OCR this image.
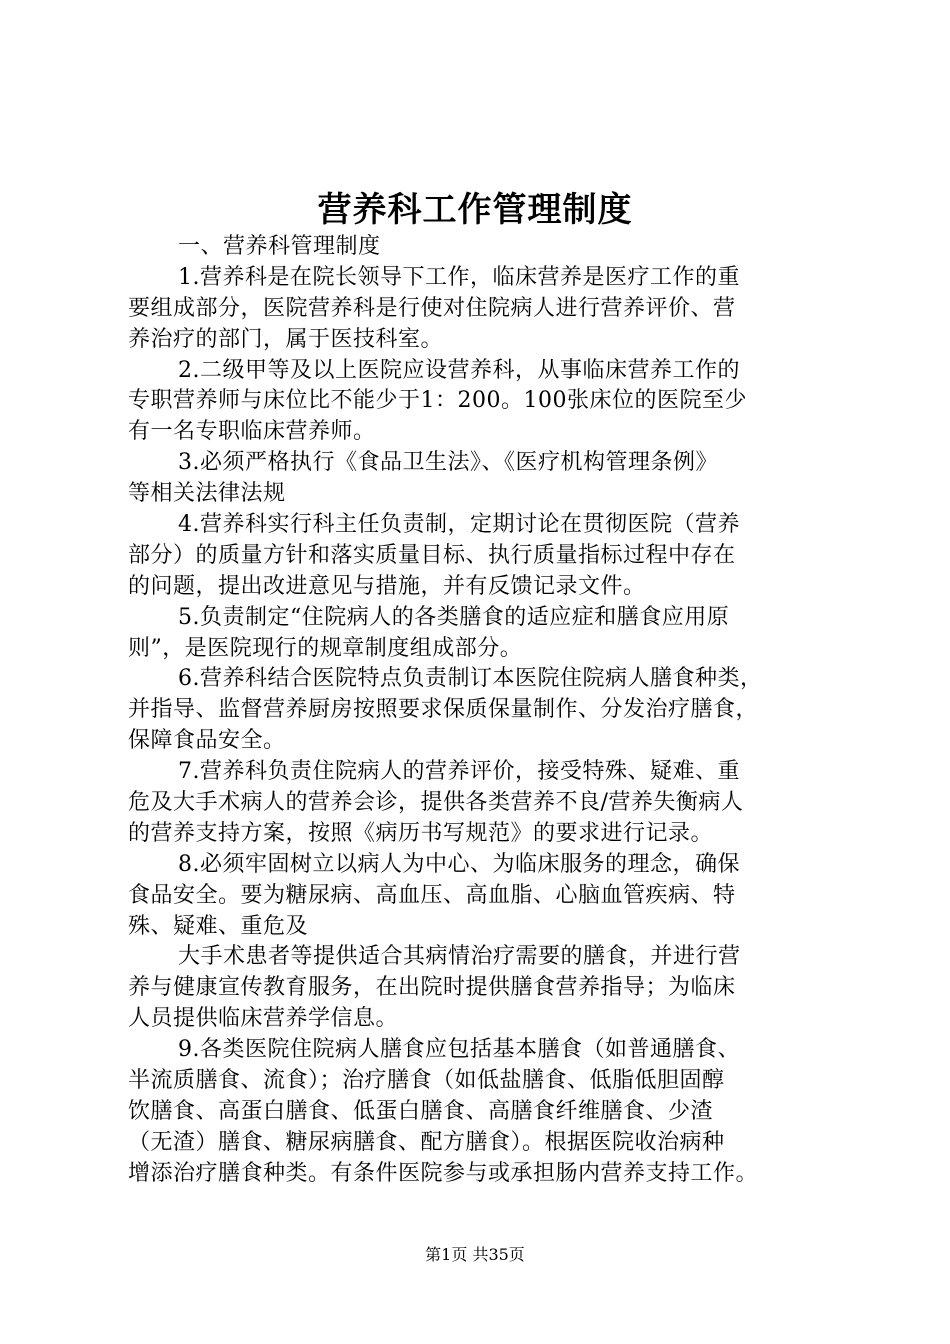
营养科工作管理制度
一、营养科管理制度
1.营养科是在院长领导下工作，临床营养是医疗工作的重
要组成部分，医院营养科是行使对住院病人进行营养评价、营
养治疗的部门，属于医技科室。
2.二级甲等及以上医院应设营养科，从事临床营养工作的
专职营养师与床位比不能少于1：200。100张床位的医院至少
有一名专职临床营养师。
3.必须严格执行《食品卫生法》、《医疗机构管理条例》
等相关法律法规
4.营养科实行科主任负责制，定期讨论在贯彻医院（营养
部分）的质量方针和落实质量目标、执行质量指标过程中存在
的问题，提出改进意见与措施，并有反馈记录文件。
5.负责制定“住院病人的各类膳食的适应症和膳食应用原
则”，是医院现行的规章制度组成部分。
6.营养科结合医院特点负责制订本医院住院病人膳食种类，
并指导、监督营养厨房按照要求保质保量制作、分发治疗膳食，
保障食品安全。
7.营养科负责住院病人的营养评价，接受特殊、疑难、重
危及大手术病人的营养会诊，提供各类营养不良/营养失衡病人
的营养支持方案，按照《病历书写规范》的要求进行记录。
8.必须牢固树立以病人为中心、为临床服务的理念，确保
食品安全。要为糖尿病、高血压、高血脂、心脑血管疾病、特
殊、疑难、重危及
大手术患者等提供适合其病情治疗需要的膳食，并进行营
养与健康宣传教育服务，在出院时提供膳食营养指导；为临床
人员提供临床营养学信息。
9.各类医院住院病人膳食应包括基本膳食（如普通膳食、
半流质膳食、流食）；治疗膳食（如低盐膳食、低脂低胆固醇
饮膳食、高蛋白膳食、低蛋白膳食、高膳食纤维膳食、少渣
（无渣）膳食、糖尿病膳食、配方膳食）。根据医院收治病种
增添治疗膳食种类。有条件医院参与或承担肠内营养支持工作。
第1页 共35页
